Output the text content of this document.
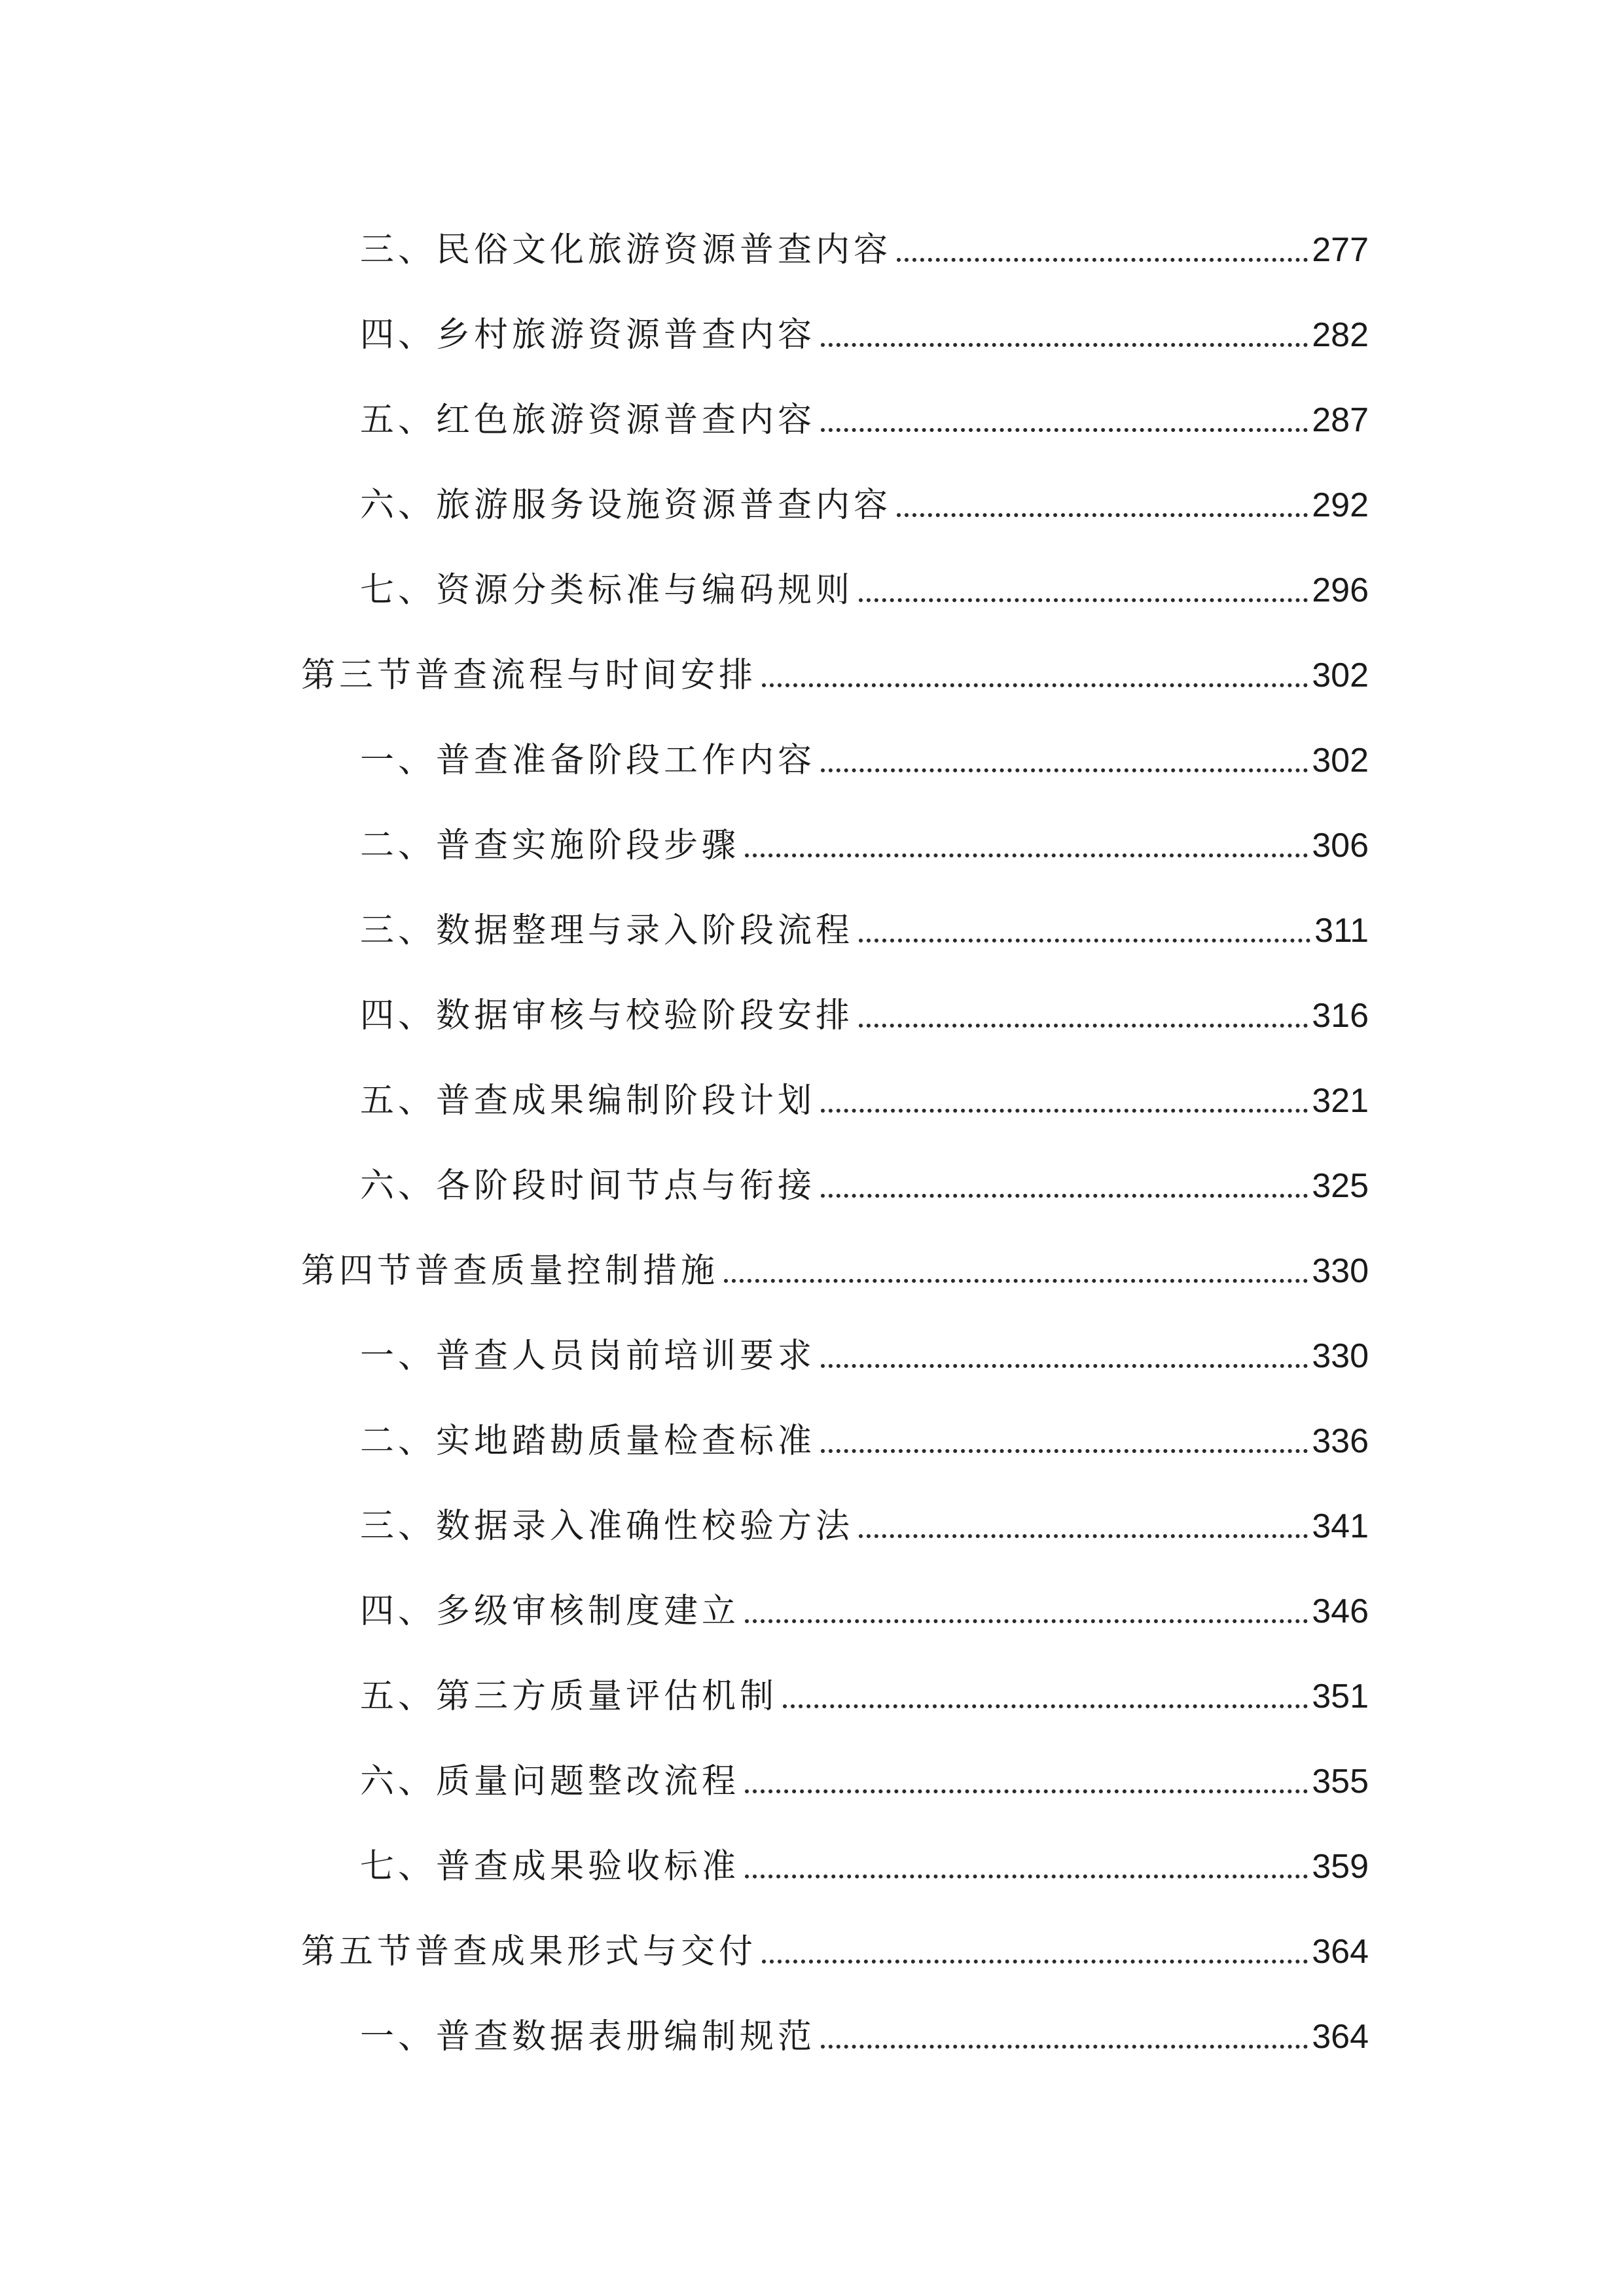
三、民俗文化旅游资源普查内容	277
四、乡村旅游资源普查内容	282
五、红色旅游资源普查内容	287
六、旅游服务设施资源普查内容	292
七、资源分类标准与编码规则	296
第三节普查流程与时间安排	302
一、普查准备阶段工作内容	302
二、普查实施阶段步骤	306
三、数据整理与录入阶段流程	311
四、数据审核与校验阶段安排	316
五、普查成果编制阶段计划	321
六、各阶段时间节点与衔接	325
第四节普查质量控制措施	330
一、普查人员岗前培训要求	330
二、实地踏勘质量检查标准	336
三、数据录入准确性校验方法	341
四、多级审核制度建立	346
五、第三方质量评估机制	351
六、质量问题整改流程	355
七、普查成果验收标准	359
第五节普查成果形式与交付	364
一、普查数据表册编制规范	364
